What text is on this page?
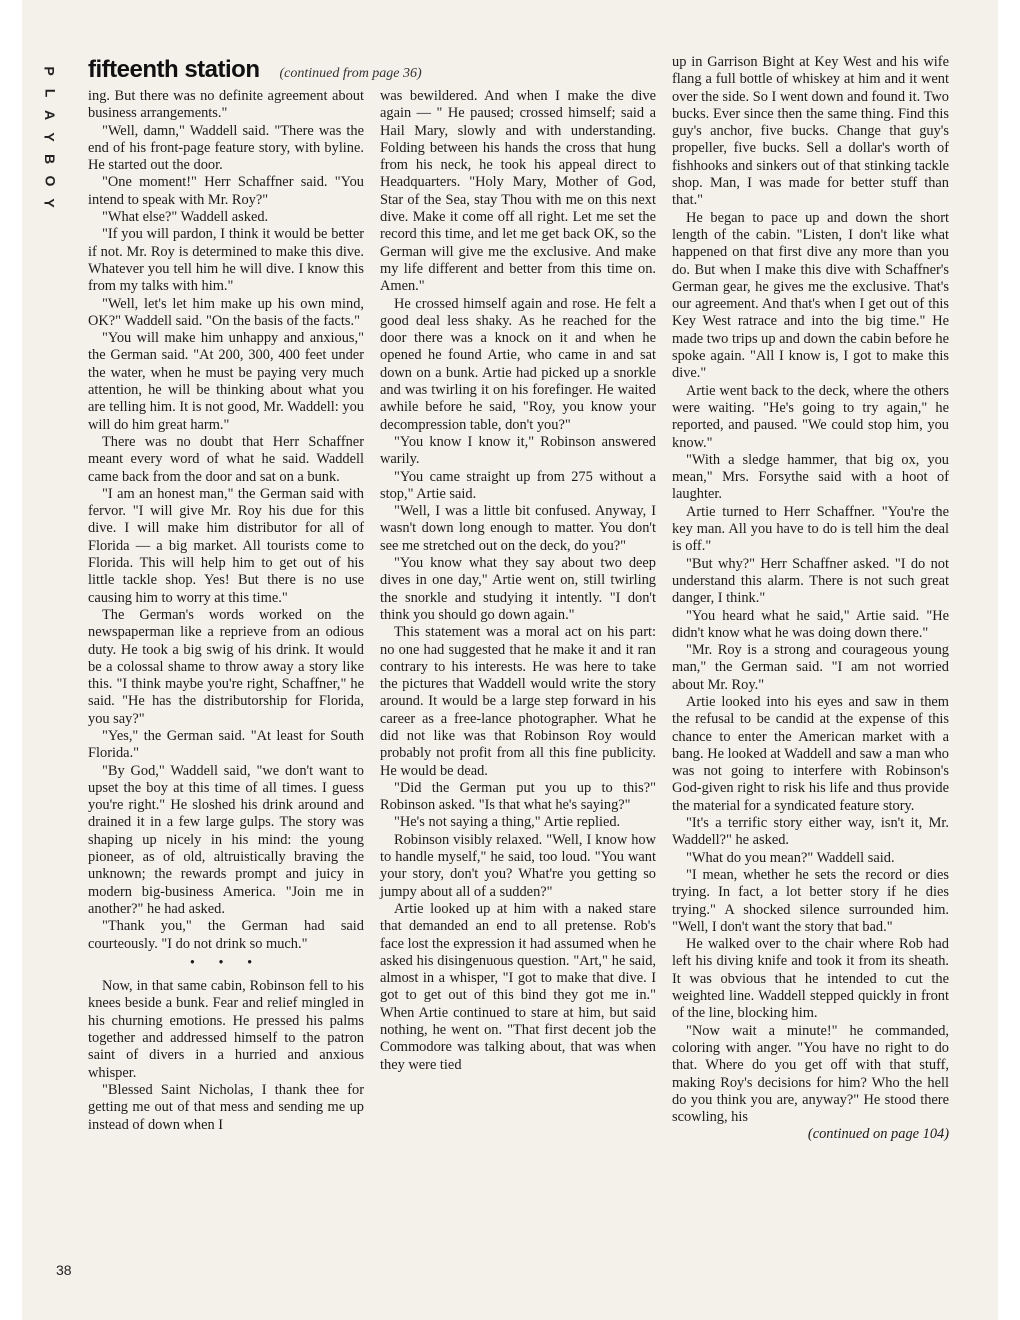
P
L
A
Y
B
O
Y
fifteenth station (continued from page 36)

ing. But there was no definite agreement about business arrangements."

"Well, damn," Waddell said. "There was the end of his front-page feature story, with byline. He started out the door.

"One moment!" Herr Schaffner said. "You intend to speak with Mr. Roy?"

"What else?" Waddell asked.

"If you will pardon, I think it would be better if not. Mr. Roy is determined to make this dive. Whatever you tell him he will dive. I know this from my talks with him."

"Well, let's let him make up his own mind, OK?" Waddell said. "On the basis of the facts."

"You will make him unhappy and anxious," the German said. "At 200, 300, 400 feet under the water, when he must be paying very much attention, he will be thinking about what you are telling him. It is not good, Mr. Waddell: you will do him great harm."

There was no doubt that Herr Schaffner meant every word of what he said. Waddell came back from the door and sat on a bunk.

"I am an honest man," the German said with fervor. "I will give Mr. Roy his due for this dive. I will make him distributor for all of Florida — a big market. All tourists come to Florida. This will help him to get out of his little tackle shop. Yes! But there is no use causing him to worry at this time."

The German's words worked on the newspaperman like a reprieve from an odious duty. He took a big swig of his drink. It would be a colossal shame to throw away a story like this. "I think maybe you're right, Schaffner," he said. "He has the distributorship for Florida, you say?"

"Yes," the German said. "At least for South Florida."

"By God," Waddell said, "we don't want to upset the boy at this time of all times. I guess you're right." He sloshed his drink around and drained it in a few large gulps. The story was shaping up nicely in his mind: the young pioneer, as of old, altruistically braving the unknown; the rewards prompt and juicy in modern big-business America. "Join me in another?" he had asked.

"Thank you," the German had said courteously. "I do not drink so much."

• • •

Now, in that same cabin, Robinson fell to his knees beside a bunk. Fear and relief mingled in his churning emotions. He pressed his palms together and addressed himself to the patron saint of divers in a hurried and anxious whisper.

"Blessed Saint Nicholas, I thank thee for getting me out of that mess and sending me up instead of down when I

was bewildered. And when I make the dive again — " He paused; crossed himself; said a Hail Mary, slowly and with understanding. Folding between his hands the cross that hung from his neck, he took his appeal direct to Headquarters. "Holy Mary, Mother of God, Star of the Sea, stay Thou with me on this next dive. Make it come off all right. Let me set the record this time, and let me get back OK, so the German will give me the exclusive. And make my life different and better from this time on. Amen."

He crossed himself again and rose. He felt a good deal less shaky. As he reached for the door there was a knock on it and when he opened he found Artie, who came in and sat down on a bunk. Artie had picked up a snorkle and was twirling it on his forefinger. He waited awhile before he said, "Roy, you know your decompression table, don't you?"

"You know I know it," Robinson answered warily.

"You came straight up from 275 without a stop," Artie said.

"Well, I was a little bit confused. Anyway, I wasn't down long enough to matter. You don't see me stretched out on the deck, do you?"

"You know what they say about two deep dives in one day," Artie went on, still twirling the snorkle and studying it intently. "I don't think you should go down again."

This statement was a moral act on his part: no one had suggested that he make it and it ran contrary to his interests. He was here to take the pictures that Waddell would write the story around. It would be a large step forward in his career as a free-lance photographer. What he did not like was that Robinson Roy would probably not profit from all this fine publicity. He would be dead.

"Did the German put you up to this?" Robinson asked. "Is that what he's saying?"

"He's not saying a thing," Artie replied.

Robinson visibly relaxed. "Well, I know how to handle myself," he said, too loud. "You want your story, don't you? What're you getting so jumpy about all of a sudden?"

Artie looked up at him with a naked stare that demanded an end to all pretense. Rob's face lost the expression it had assumed when he asked his disingenuous question. "Art," he said, almost in a whisper, "I got to make that dive. I got to get out of this bind they got me in." When Artie continued to stare at him, but said nothing, he went on. "That first decent job the Commodore was talking about, that was when they were tied

up in Garrison Bight at Key West and his wife flang a full bottle of whiskey at him and it went over the side. So I went down and found it. Two bucks. Ever since then the same thing. Find this guy's anchor, five bucks. Change that guy's propeller, five bucks. Sell a dollar's worth of fishhooks and sinkers out of that stinking tackle shop. Man, I was made for better stuff than that."

He began to pace up and down the short length of the cabin. "Listen, I don't like what happened on that first dive any more than you do. But when I make this dive with Schaffner's German gear, he gives me the exclusive. That's our agreement. And that's when I get out of this Key West ratrace and into the big time." He made two trips up and down the cabin before he spoke again. "All I know is, I got to make this dive."

Artie went back to the deck, where the others were waiting. "He's going to try again," he reported, and paused. "We could stop him, you know."

"With a sledge hammer, that big ox, you mean," Mrs. Forsythe said with a hoot of laughter.

Artie turned to Herr Schaffner. "You're the key man. All you have to do is tell him the deal is off."

"But why?" Herr Schaffner asked. "I do not understand this alarm. There is not such great danger, I think."

"You heard what he said," Artie said. "He didn't know what he was doing down there."

"Mr. Roy is a strong and courageous young man," the German said. "I am not worried about Mr. Roy."

Artie looked into his eyes and saw in them the refusal to be candid at the expense of this chance to enter the American market with a bang. He looked at Waddell and saw a man who was not going to interfere with Robinson's God-given right to risk his life and thus provide the material for a syndicated feature story.

"It's a terrific story either way, isn't it, Mr. Waddell?" he asked.

"What do you mean?" Waddell said.

"I mean, whether he sets the record or dies trying. In fact, a lot better story if he dies trying." A shocked silence surrounded him. "Well, I don't want the story that bad."

He walked over to the chair where Rob had left his diving knife and took it from its sheath. It was obvious that he intended to cut the weighted line. Waddell stepped quickly in front of the line, blocking him.

"Now wait a minute!" he commanded, coloring with anger. "You have no right to do that. Where do you get off with that stuff, making Roy's decisions for him? Who the hell do you think you are, anyway?" He stood there scowling, his

(continued on page 104)

38
